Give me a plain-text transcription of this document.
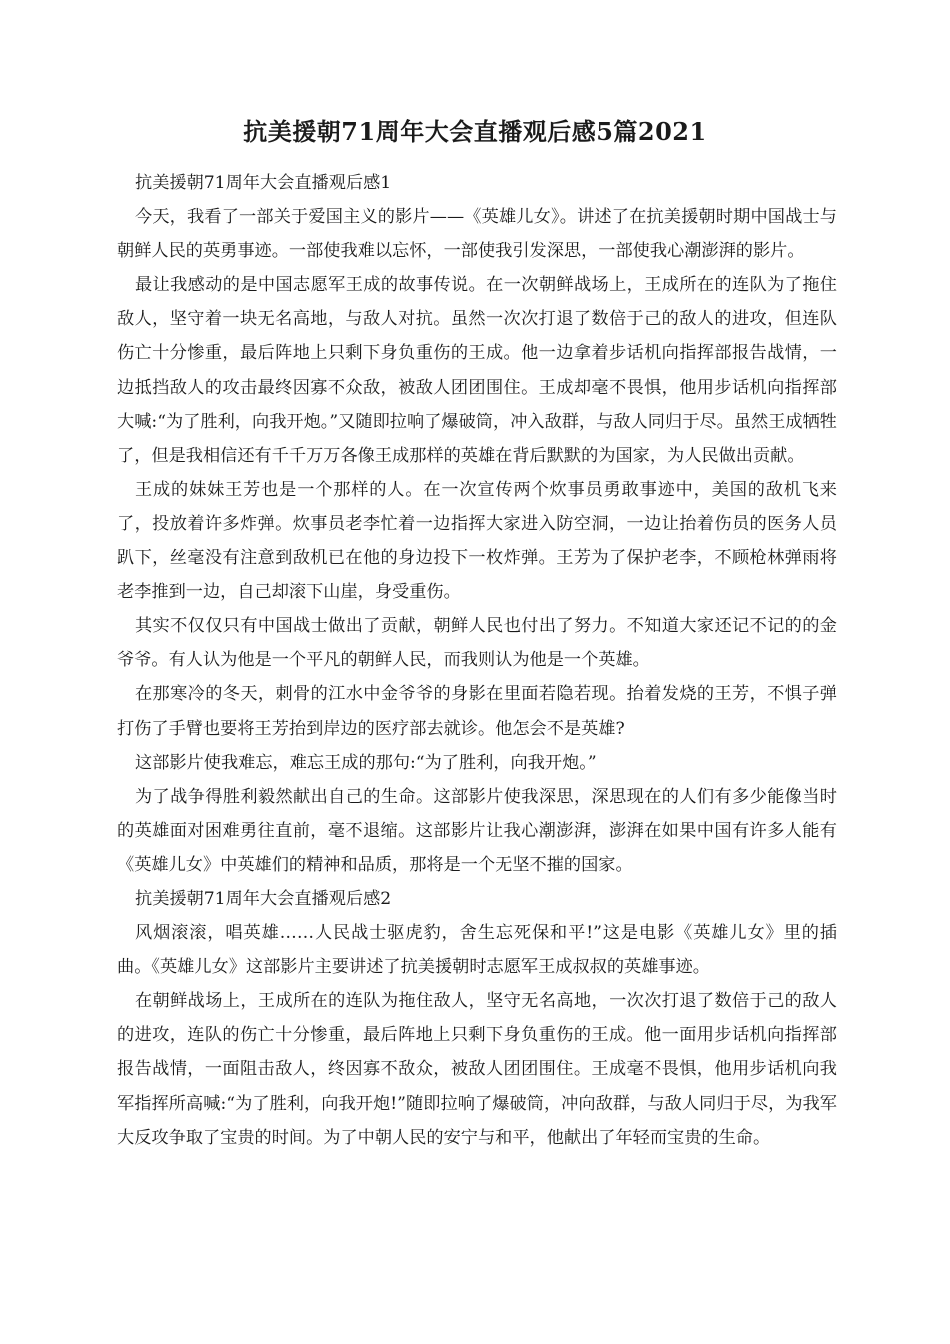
抗美援朝71周年大会直播观后感5篇2021

抗美援朝71周年大会直播观后感1

今天，我看了一部关于爱国主义的影片——《英雄儿女》。讲述了在抗美援朝时期中国战士与朝鲜人民的英勇事迹。一部使我难以忘怀，一部使我引发深思，一部使我心潮澎湃的影片。

最让我感动的是中国志愿军王成的故事传说。在一次朝鲜战场上，王成所在的连队为了拖住敌人，坚守着一块无名高地，与敌人对抗。虽然一次次打退了数倍于己的敌人的进攻，但连队伤亡十分惨重，最后阵地上只剩下身负重伤的王成。他一边拿着步话机向指挥部报告战情，一边抵挡敌人的攻击最终因寡不众敌，被敌人团团围住。王成却毫不畏惧，他用步话机向指挥部大喊:“为了胜利，向我开炮。”又随即拉响了爆破筒，冲入敌群，与敌人同归于尽。虽然王成牺牲了，但是我相信还有千千万万各像王成那样的英雄在背后默默的为国家，为人民做出贡献。

王成的妹妹王芳也是一个那样的人。在一次宣传两个炊事员勇敢事迹中，美国的敌机飞来了，投放着许多炸弹。炊事员老李忙着一边指挥大家进入防空洞，一边让抬着伤员的医务人员趴下，丝毫没有注意到敌机已在他的身边投下一枚炸弹。王芳为了保护老李，不顾枪林弹雨将老李推到一边，自己却滚下山崖，身受重伤。

其实不仅仅只有中国战士做出了贡献，朝鲜人民也付出了努力。不知道大家还记不记的的金爷爷。有人认为他是一个平凡的朝鲜人民，而我则认为他是一个英雄。

在那寒冷的冬天，刺骨的江水中金爷爷的身影在里面若隐若现。抬着发烧的王芳，不惧子弹打伤了手臂也要将王芳抬到岸边的医疗部去就诊。他怎会不是英雄?

这部影片使我难忘，难忘王成的那句:“为了胜利，向我开炮。”

为了战争得胜利毅然献出自己的生命。这部影片使我深思，深思现在的人们有多少能像当时的英雄面对困难勇往直前，毫不退缩。这部影片让我心潮澎湃，澎湃在如果中国有许多人能有《英雄儿女》中英雄们的精神和品质，那将是一个无坚不摧的国家。

抗美援朝71周年大会直播观后感2

风烟滚滚，唱英雄……人民战士驱虎豹，舍生忘死保和平!”这是电影《英雄儿女》里的插曲。《英雄儿女》这部影片主要讲述了抗美援朝时志愿军王成叔叔的英雄事迹。

在朝鲜战场上，王成所在的连队为拖住敌人，坚守无名高地，一次次打退了数倍于己的敌人的进攻，连队的伤亡十分惨重，最后阵地上只剩下身负重伤的王成。他一面用步话机向指挥部报告战情，一面阻击敌人，终因寡不敌众，被敌人团团围住。王成毫不畏惧，他用步话机向我军指挥所高喊:“为了胜利，向我开炮!”随即拉响了爆破筒，冲向敌群，与敌人同归于尽，为我军大反攻争取了宝贵的时间。为了中朝人民的安宁与和平，他献出了年轻而宝贵的生命。
